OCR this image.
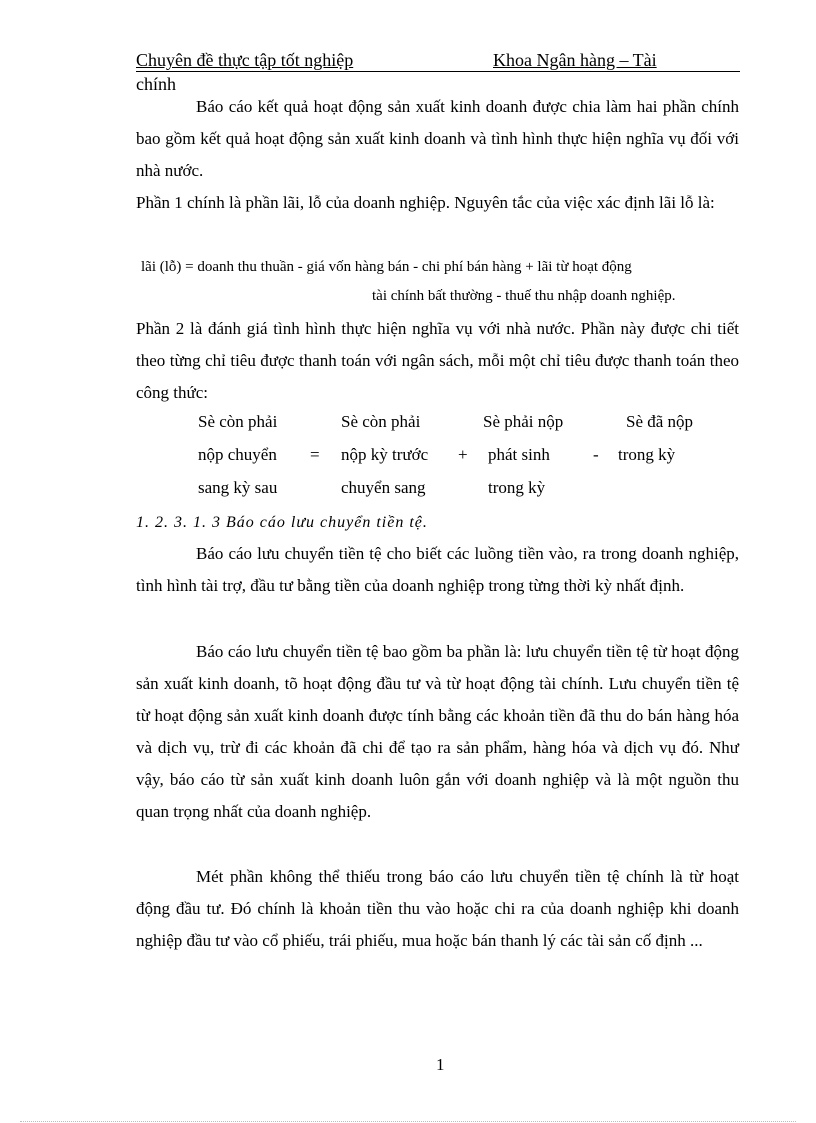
Chuyên đề thực tập tốt nghiệp	Khoa Ngân hàng – Tài
chính

Báo cáo kết quả hoạt động sản xuất kinh doanh được chia làm hai phần chính bao gồm kết quả hoạt động sản xuất kinh doanh và tình hình thực hiện nghĩa vụ đối với nhà nước.

Phần 1 chính là phần lãi, lỗ của doanh nghiệp. Nguyên tắc của việc xác định lãi lỗ là:

lãi (lỗ) = doanh thu thuần - giá vốn hàng bán - chi phí bán hàng + lãi từ hoạt động
tài chính bất thường - thuế thu nhập doanh nghiệp.

Phần 2 là đánh giá tình hình thực hiện nghĩa vụ với nhà nước. Phần này được chi tiết theo từng chỉ tiêu được thanh toán với ngân sách, mỗi một chỉ tiêu được thanh toán theo công thức:

Sè còn phải
nộp chuyển
sang kỳ sau
=
Sè còn phải
nộp kỳ trước
chuyển sang
+
Sè phải nộp
phát sinh
trong kỳ
-
Sè đã nộp
trong kỳ
1. 2. 3. 1. 3 Báo cáo lưu chuyển tiền tệ.

Báo cáo lưu chuyển tiền tệ cho biết các luồng tiền vào, ra trong doanh nghiệp, tình hình tài trợ, đầu tư bằng tiền của doanh nghiệp trong từng thời kỳ nhất định.

Báo cáo lưu chuyển tiền tệ bao gồm ba phần là: lưu chuyển tiền tệ từ hoạt động sản xuất kinh doanh, tõ hoạt động đầu tư và từ hoạt động tài chính. Lưu chuyển tiền tệ từ hoạt động sản xuất kinh doanh được tính bằng các khoản tiền đã thu do bán hàng hóa và dịch vụ, trừ đi các khoản đã chi để tạo ra sản phẩm, hàng hóa và dịch vụ đó. Như vậy, báo cáo từ sản xuất kinh doanh luôn gắn với doanh nghiệp và là một nguồn thu quan trọng nhất của doanh nghiệp.

Mét phần không thể thiếu trong báo cáo lưu chuyển tiền tệ chính là từ hoạt động đầu tư. Đó chính là khoản tiền thu vào hoặc chi ra của doanh nghiệp khi doanh nghiệp đầu tư vào cổ phiếu, trái phiếu, mua hoặc bán thanh lý các tài sản cố định ...

1
